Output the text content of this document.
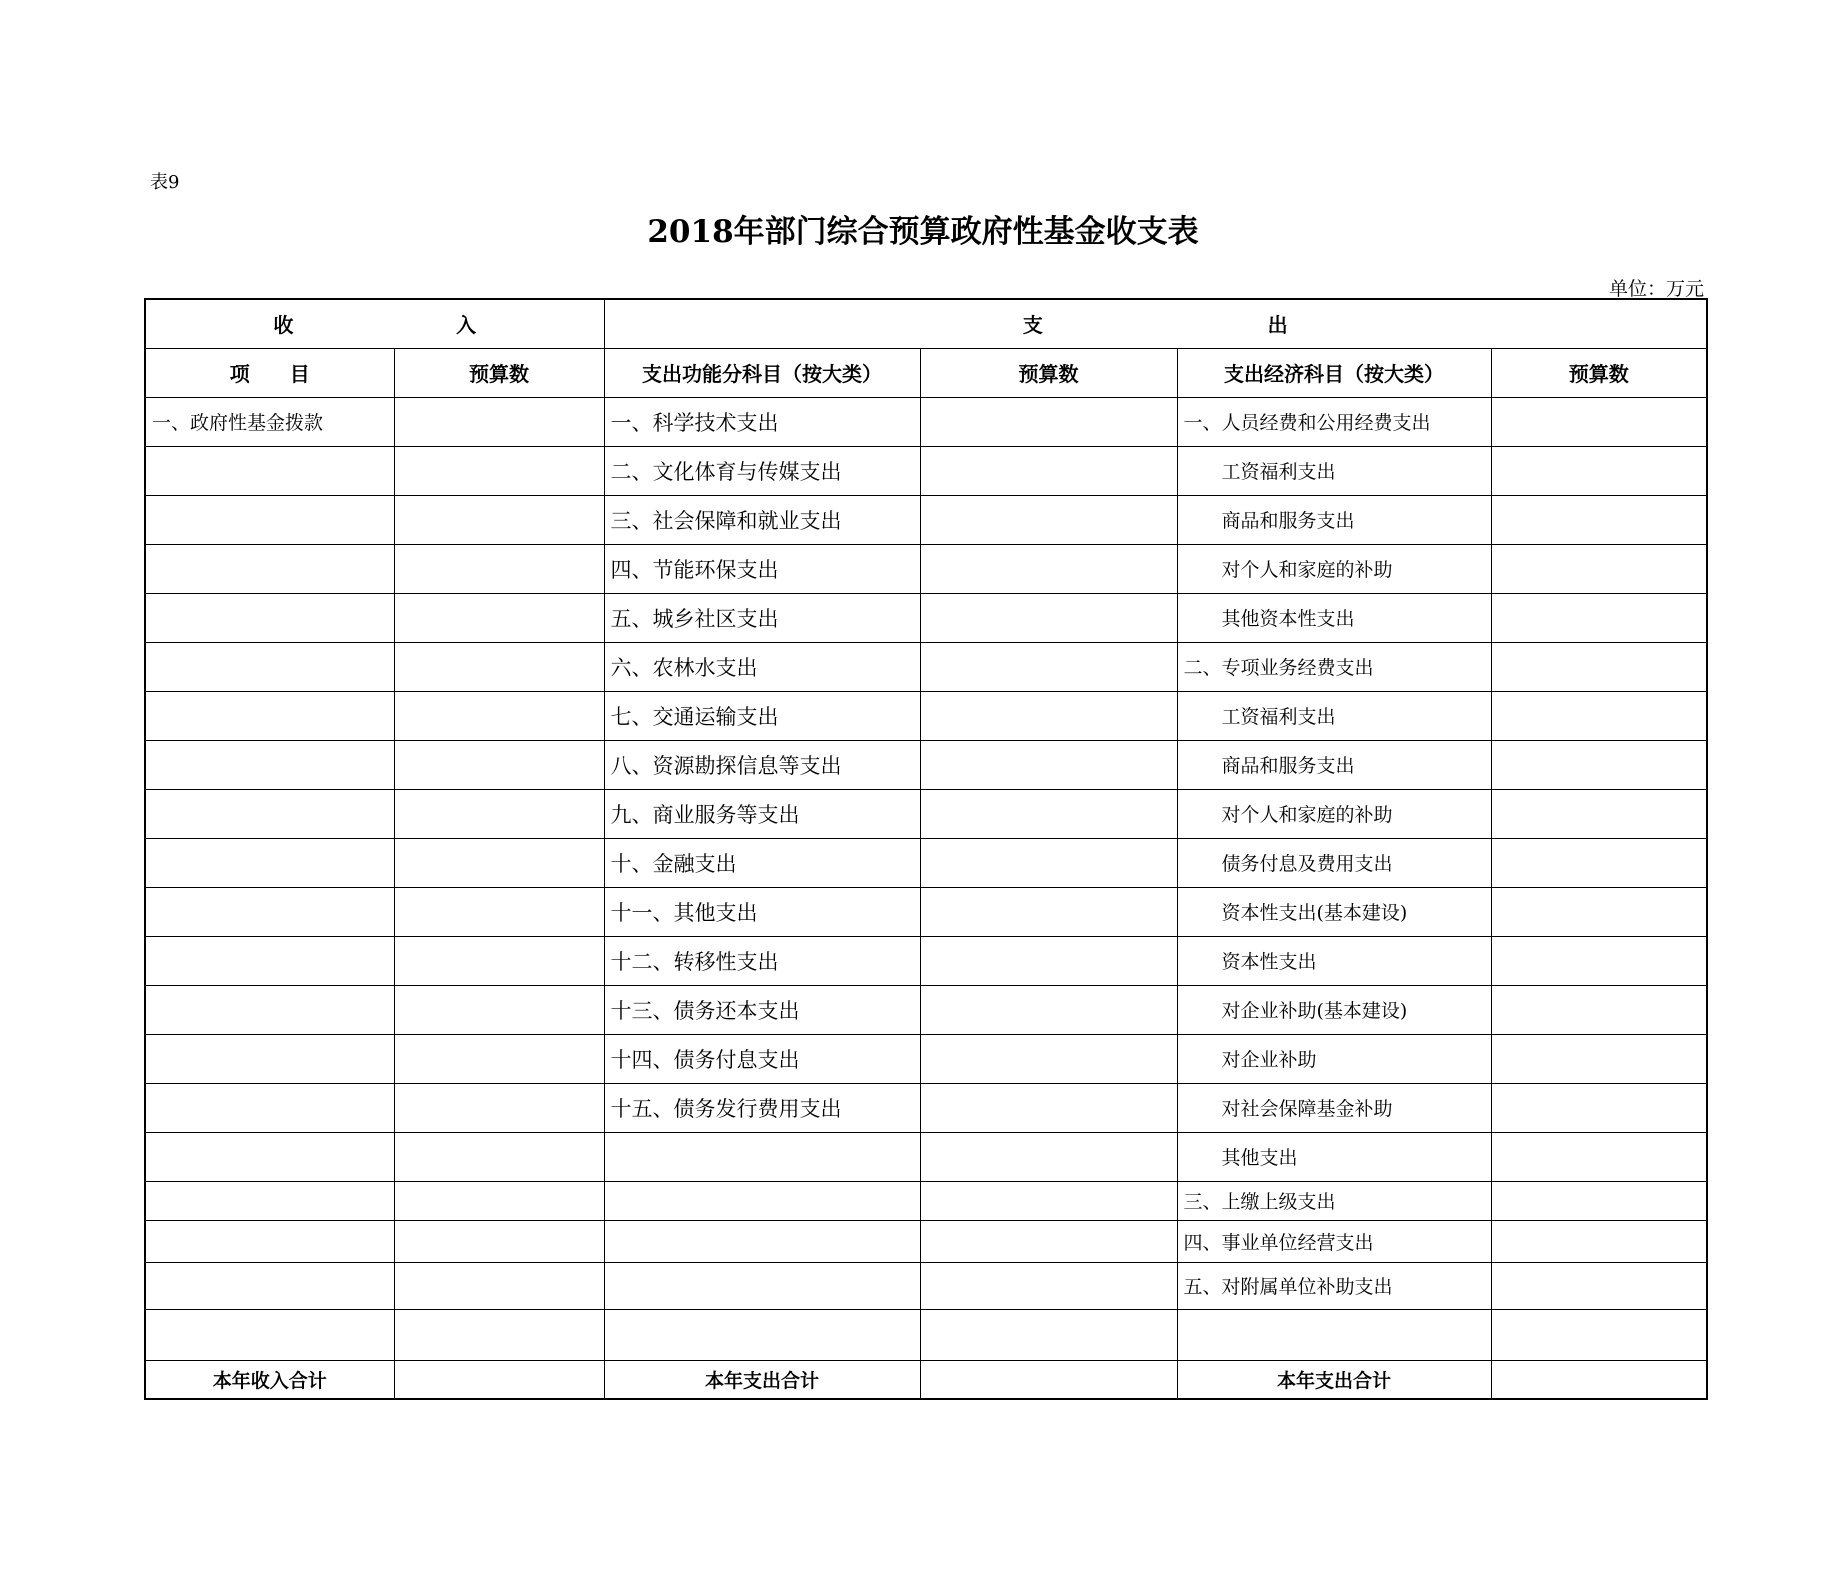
表9
2018年部门综合预算政府性基金收支表
单位：万元
收 入		支 出			

项　　目	预算数	支出功能分科目（按大类）	预算数	支出经济科目（按大类）	预算数
一、政府性基金拨款		一、科学技术支出		一、人员经费和公用经费支出	
		二、文化体育与传媒支出		工资福利支出	
		三、社会保障和就业支出		商品和服务支出	
		四、节能环保支出		对个人和家庭的补助	
		五、城乡社区支出		其他资本性支出	
		六、农林水支出		二、专项业务经费支出	
		七、交通运输支出		工资福利支出	
		八、资源勘探信息等支出		商品和服务支出	
		九、商业服务等支出		对个人和家庭的补助	
		十、金融支出		债务付息及费用支出	
		十一、其他支出		资本性支出(基本建设)	
		十二、转移性支出		资本性支出	
		十三、债务还本支出		对企业补助(基本建设)	
		十四、债务付息支出		对企业补助	
		十五、债务发行费用支出		对社会保障基金补助	
				其他支出	
				三、上缴上级支出	
				四、事业单位经营支出	
				五、对附属单位补助支出	

本年收入合计		本年支出合计		本年支出合计	
